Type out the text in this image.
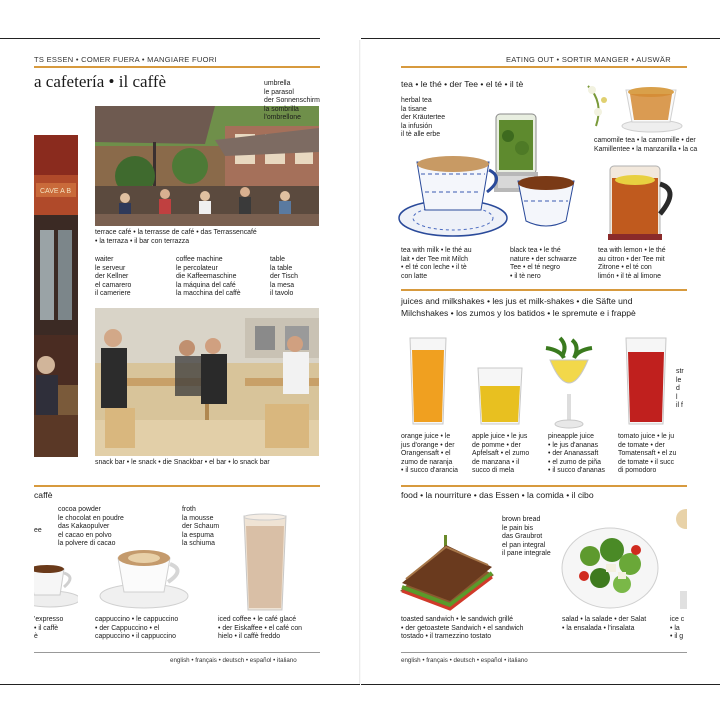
TS ESSEN • COMER FUERA • MANGIARE FUORI
a cafetería • il caffè
CAVE A B
umbrella
le parasol
der Sonnenschirm
la sombrilla
l'ombrellone
terrace café • la terrasse de café • das Terrassencafé
• la terraza • il bar con terrazza
waiter
le serveur
der Kellner
el camarero
il cameriere
coffee machine
le percolateur
die Kaffeemaschine
la máquina del café
la macchina del caffè
table
la table
der Tisch
la mesa
il tavolo
snack bar • le snack • die Snackbar • el bar • lo snack bar
caffè
ee
cocoa powder
le chocolat en poudre
das Kakaopulver
el cacao en polvo
la polvere di cacao
froth
la mousse
der Schaum
la espuma
la schiuma
'expresso
• il caffè
è
cappuccino • le cappuccino
• der Cappuccino • el
cappuccino • il cappuccino
iced coffee • le café glacé
• der Eiskaffee • el café con
hielo • il caffè freddo
english • français • deutsch • español • italiano
EATING OUT • SORTIR MANGER • AUSWÄR
tea • le thé • der Tee • el té • il tè
herbal tea
la tisane
der Kräutertee
la infusión
il tè alle erbe
camomile tea • la camomille • der
Kamillentee • la manzanilla • la ca
tea with milk • le thé au
lait • der Tee mit Milch
• el té con leche • il tè
con latte
black tea • le thé
nature • der schwarze
Tee • el té negro
• il tè nero
tea with lemon • le thé
au citron • der Tee mit
Zitrone • el té con
limón • il tè al limone
juices and milkshakes • les jus et milk-shakes • die Säfte und
Milchshakes • los zumos y los batidos • le spremute e i frappè
str
le
d
l
il f
orange juice • le
jus d'orange • der
Orangensaft • el
zumo de naranja
• il succo d'arancia
apple juice • le jus
de pomme • der
Apfelsaft • el zumo
de manzana • il
succo di mela
pineapple juice
• le jus d'ananas
• der Ananassaft
• el zumo de piña
• il succo d'ananas
tomato juice • le ju
de tomate • der
Tomatensaft • el zu
de tomate • il succ
di pomodoro
food • la nourriture • das Essen • la comida • il cibo
brown bread
le pain bis
das Graubrot
el pan integral
il pane integrale
toasted sandwich • le sandwich grillé
• der getoastete Sandwich • el sandwich
tostado • il tramezzino tostato
salad • la salade • der Salat
• la ensalada • l'insalata
ice c
• la
• il g
english • français • deutsch • español • italiano
